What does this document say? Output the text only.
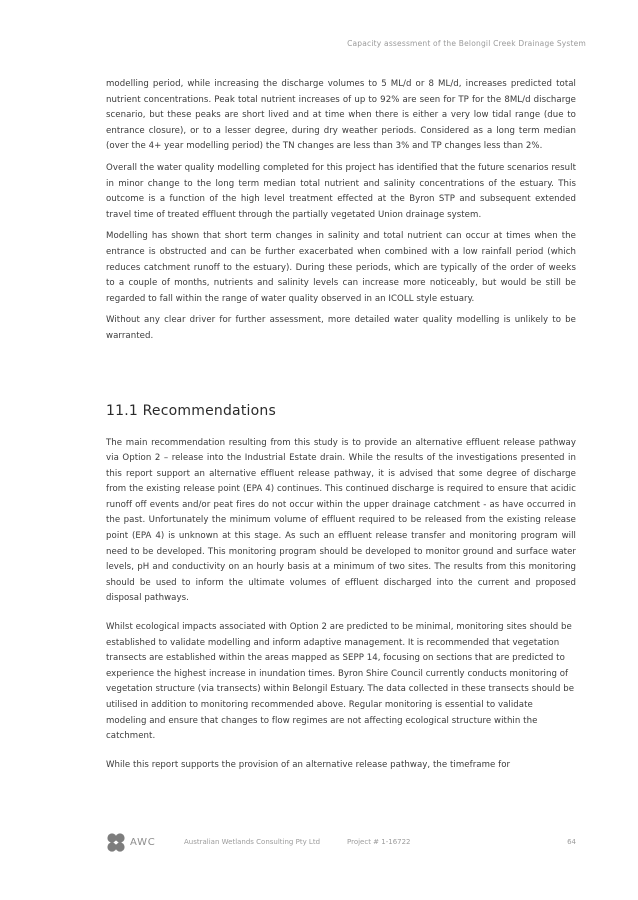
Capacity assessment of the Belongil Creek Drainage System

modelling period, while increasing the discharge volumes to 5 ML/d or 8 ML/d, increases predicted total nutrient concentrations. Peak total nutrient increases of up to 92% are seen for TP for the 8ML/d discharge scenario, but these peaks are short lived and at time when there is either a very low tidal range (due to entrance closure), or to a lesser degree, during dry weather periods. Considered as a long term median (over the 4+ year modelling period) the TN changes are less than 3% and TP changes less than 2%.

Overall the water quality modelling completed for this project has identified that the future scenarios result in minor change to the long term median total nutrient and salinity concentrations of the estuary. This outcome is a function of the high level treatment effected at the Byron STP and subsequent extended travel time of treated effluent through the partially vegetated Union drainage system.

Modelling has shown that short term changes in salinity and total nutrient can occur at times when the entrance is obstructed and can be further exacerbated when combined with a low rainfall period (which reduces catchment runoff to the estuary). During these periods, which are typically of the order of weeks to a couple of months, nutrients and salinity levels can increase more noticeably, but would be still be regarded to fall within the range of water quality observed in an ICOLL style estuary.

Without any clear driver for further assessment, more detailed water quality modelling is unlikely to be warranted.

11.1 Recommendations

The main recommendation resulting from this study is to provide an alternative effluent release pathway via Option 2 – release into the Industrial Estate drain. While the results of the investigations presented in this report support an alternative effluent release pathway, it is advised that some degree of discharge from the existing release point (EPA 4) continues. This continued discharge is required to ensure that acidic runoff off events and/or peat fires do not occur within the upper drainage catchment - as have occurred in the past. Unfortunately the minimum volume of effluent required to be released from the existing release point (EPA 4) is unknown at this stage. As such an effluent release transfer and monitoring program will need to be developed. This monitoring program should be developed to monitor ground and surface water levels, pH and conductivity on an hourly basis at a minimum of two sites. The results from this monitoring should be used to inform the ultimate volumes of effluent discharged into the current and proposed disposal pathways.

Whilst ecological impacts associated with Option 2 are predicted to be minimal, monitoring sites should be established to validate modelling and inform adaptive management. It is recommended that vegetation transects are established within the areas mapped as SEPP 14, focusing on sections that are predicted to experience the highest increase in inundation times. Byron Shire Council currently conducts monitoring of vegetation structure (via transects) within Belongil Estuary. The data collected in these transects should be utilised in addition to monitoring recommended above. Regular monitoring is essential to validate modeling and ensure that changes to flow regimes are not affecting ecological structure within the catchment.

While this report supports the provision of an alternative release pathway, the timeframe for

AWC	Australian Wetlands Consulting Pty Ltd	Project # 1-16722	64
